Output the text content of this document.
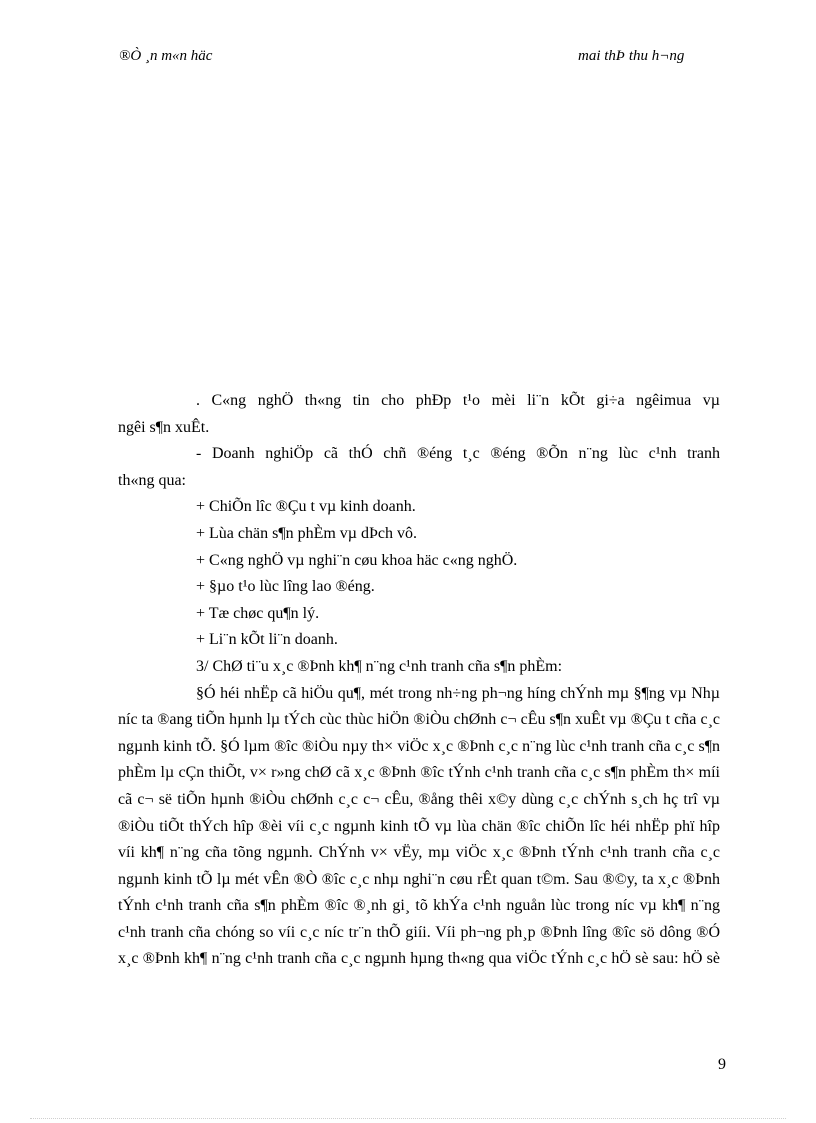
®Ò ¸n m«n häc	mai thÞ thu h¬ng

. C«ng nghÖ th«ng tin cho phÐp t¹o mèi li¨n kÕt gi÷a ngêimua vµ

ngêi s¶n xuÊt.

- Doanh nghiÖp cã thÓ chñ ®éng t¸c ®éng ®Õn n¨ng lùc c¹nh tranh

th«ng qua:

+ ChiÕn lîc ®Çu t vµ kinh doanh.

+ Lùa chän s¶n phÈm vµ dÞch vô.

+ C«ng nghÖ vµ nghi¨n cøu khoa häc c«ng nghÖ.

+ §µo t¹o lùc lîng lao ®éng.

+ Tæ chøc qu¶n lý.

+ Li¨n kÕt li¨n doanh.

3/ ChØ ti¨u x¸c ®Þnh kh¶ n¨ng c¹nh tranh cña s¶n phÈm:

§Ó héi nhËp cã hiÖu qu¶, mét trong nh÷ng ph¬ng híng chÝnh mµ §¶ng vµ Nhµ níc ta ®ang tiÕn hµnh lµ tÝch cùc thùc hiÖn ®iÒu chØnh c¬ cÊu s¶n xuÊt vµ ®Çu t cña c¸c ngµnh kinh tÕ. §Ó lµm ®îc ®iÒu nµy th× viÖc x¸c ®Þnh c¸c n¨ng lùc c¹nh tranh cña c¸c s¶n phÈm lµ cÇn thiÕt, v× r»ng chØ cã x¸c ®Þnh ®îc tÝnh c¹nh tranh cña c¸c s¶n phÈm th× míi cã c¬ së tiÕn hµnh ®iÒu chØnh c¸c c¬ cÊu, ®ång thêi x©y dùng c¸c chÝnh s¸ch hç trî vµ ®iÒu tiÕt thÝch hîp ®èi víi c¸c ngµnh kinh tÕ vµ lùa chän ®îc chiÕn lîc héi nhËp phï hîp víi kh¶ n¨ng cña tõng ngµnh. ChÝnh v× vËy, mµ viÖc x¸c ®Þnh tÝnh c¹nh tranh cña c¸c ngµnh kinh tÕ lµ mét vÊn ®Ò ®îc c¸c nhµ nghi¨n cøu rÊt quan t©m. Sau ®©y, ta x¸c ®Þnh tÝnh c¹nh tranh cña s¶n phÈm ®îc ®¸nh gi¸ tõ khÝa c¹nh nguån lùc trong níc vµ kh¶ n¨ng c¹nh tranh cña chóng so víi c¸c níc tr¨n thÕ giíi. Víi ph¬ng ph¸p ®Þnh lîng ®îc sö dông ®Ó x¸c ®Þnh kh¶ n¨ng c¹nh tranh cña c¸c ngµnh hµng th«ng qua viÖc tÝnh c¸c hÖ sè sau: hÖ sè

9
